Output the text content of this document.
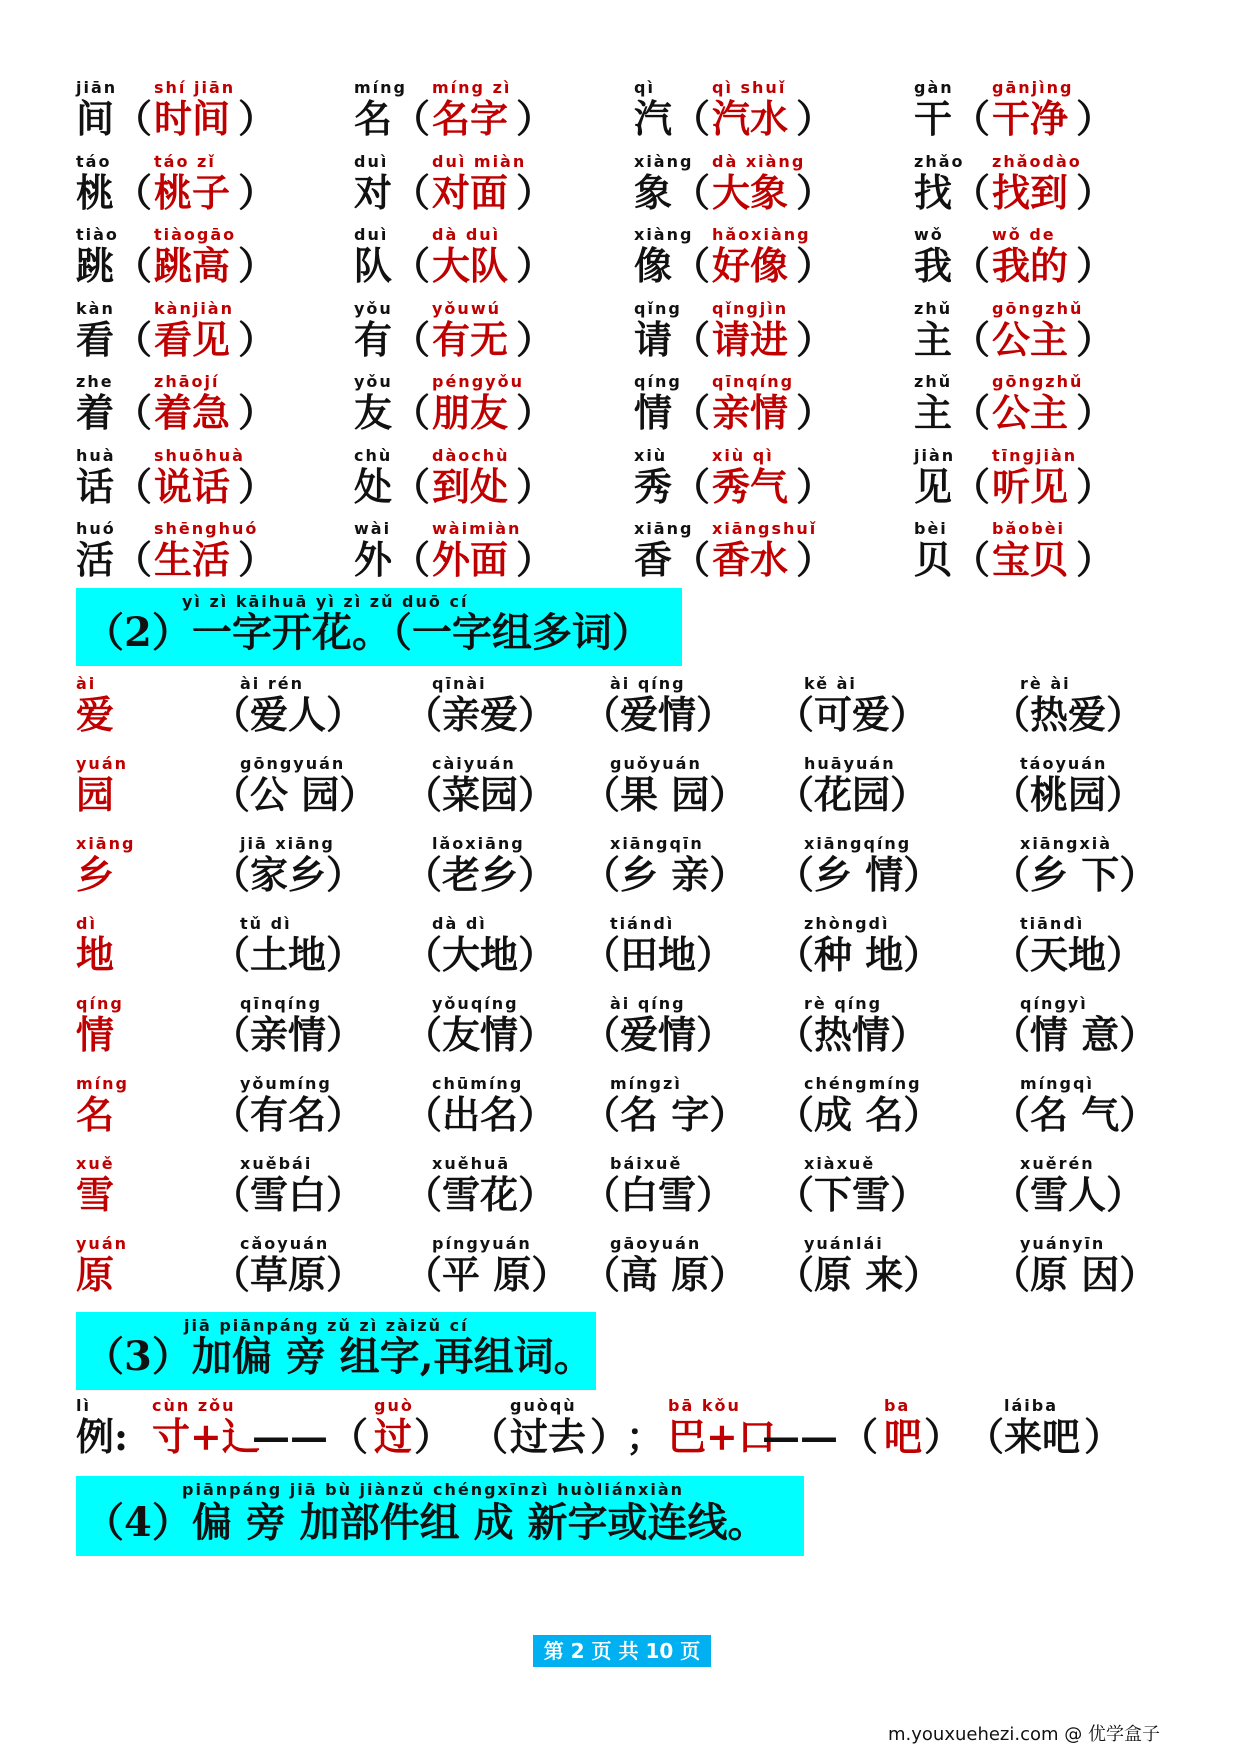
jiān
间 （
shí jiān
时间 ）
míng
名 （
míng zì
名字 ）
qì
汽 （
qì shuǐ
汽水 ）
gàn
干 （
gānjìng
干净 ）
táo
桃 （
táo zǐ
桃子 ）
duì
对 （
duì miàn
对面 ）
xiàng
象 （
dà xiàng
大象 ）
zhǎo
找 （
zhǎodào
找到 ）
tiào
跳 （
tiàogāo
跳高 ）
duì
队 （
dà duì
大队 ）
xiàng
像 （
hǎoxiàng
好像 ）
wǒ
我 （
wǒ de
我的 ）
kàn
看 （
kànjiàn
看见 ）
yǒu
有 （
yǒuwú
有无 ）
qǐng
请 （
qǐngjìn
请进 ）
zhǔ
主 （
gōngzhǔ
公主 ）
zhe
着 （
zhāojí
着急 ）
yǒu
友 （
péngyǒu
朋友 ）
qíng
情 （
qīnqíng
亲情 ）
zhǔ
主 （
gōngzhǔ
公主 ）
huà
话 （
shuōhuà
说话 ）
chù
处 （
dàochù
到处 ）
xiù
秀 （
xiù qì
秀气 ）
jiàn
见 （
tīngjiàn
听见 ）
huó
活 （
shēnghuó
生活 ）
wài
外 （
wàimiàn
外面 ）
xiāng
香 （
xiāngshuǐ
香水 ）
bèi
贝 （
bǎobèi
宝贝 ）
yì zì kāihuā yì zì zǔ duō cí
（2）一字开花。（一字组多词）
ài
爱
ài rén
（爱人）
qīnài
（亲爱）
ài qíng
（爱情）
kě ài
（可爱）
rè ài
（热爱）
yuán
园
gōngyuán
（公 园）
càiyuán
（菜园）
guǒyuán
（果 园）
huāyuán
（花园）
táoyuán
（桃园）
xiāng
乡
jiā xiāng
（家乡）
lǎoxiāng
（老乡）
xiāngqīn
（乡 亲）
xiāngqíng
（乡 情）
xiāngxià
（乡 下）
dì
地
tǔ dì
（土地）
dà dì
（大地）
tiándì
（田地）
zhòngdì
（种 地）
tiāndì
（天地）
qíng
情
qīnqíng
（亲情）
yǒuqíng
（友情）
ài qíng
（爱情）
rè qíng
（热情）
qíngyì
（情 意）
míng
名
yǒumíng
（有名）
chūmíng
（出名）
míngzì
（名 字）
chéngmíng
（成 名）
míngqì
（名 气）
xuě
雪
xuěbái
（雪白）
xuěhuā
（雪花）
báixuě
（白雪）
xiàxuě
（下雪）
xuěrén
（雪人）
yuán
原
cǎoyuán
（草原）
píngyuán
（平 原）
gāoyuán
（高 原）
yuánlái
（原 来）
yuányīn
（原 因）
jiā piānpáng zǔ zì zàizǔ cí
（3）加偏 旁 组字,再组词。
lì
例:
cùn zǒu
寸+辶
—— （
guò
过 ） （
guòqù
过去 ）
；
bā kǒu
巴+口
—— （
ba
吧 ） （
láiba
来吧 ）
piānpáng jiā bù jiànzǔ chéngxīnzì huòliánxiàn
（4）偏 旁 加部件组 成 新字或连线。
第 2 页 共 10 页
m.youxuehezi.com @ 优学盒子
